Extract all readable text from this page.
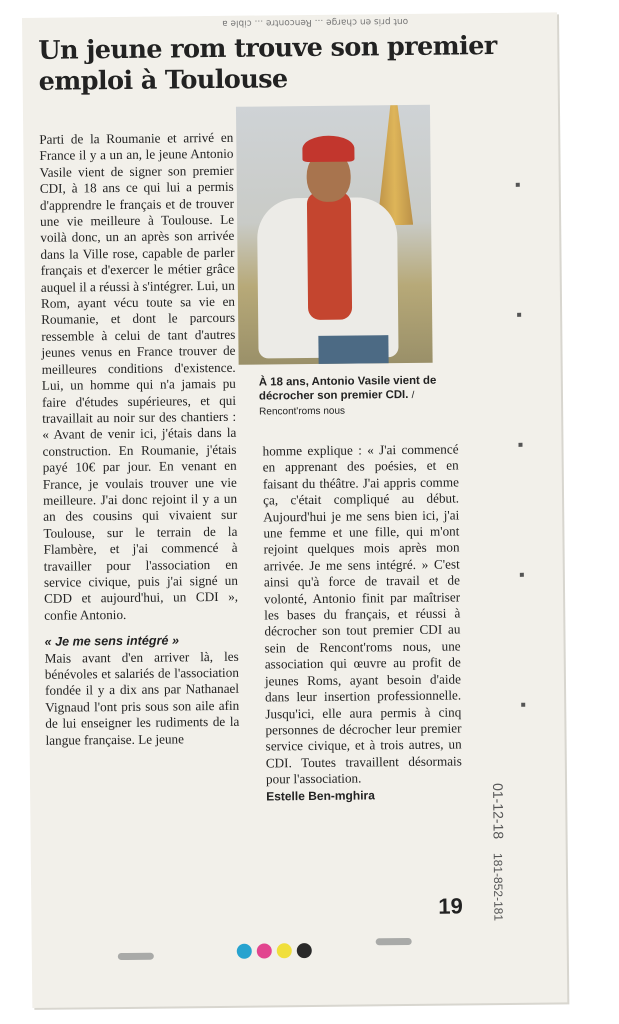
ont pris en charge ... Rencontre ... cible a
Un jeune rom trouve son premier emploi à Toulouse

Parti de la Roumanie et arrivé en France il y a un an, le jeune Antonio Vasile vient de signer son premier CDI, à 18 ans ce qui lui a permis d'apprendre le français et de trouver une vie meilleure à Toulouse. Le voilà donc, un an après son arrivée dans la Ville rose, capable de parler français et d'exercer le métier grâce auquel il a réussi à s'intégrer. Lui, un Rom, ayant vécu toute sa vie en Roumanie, et dont le parcours ressemble à celui de tant d'autres jeunes venus en France trouver de meilleures conditions d'existence. Lui, un homme qui n'a jamais pu faire d'études supérieures, et qui travaillait au noir sur des chantiers : « Avant de venir ici, j'étais dans la construction. En Roumanie, j'étais payé 10€ par jour. En venant en France, je voulais trouver une vie meilleure. J'ai donc rejoint il y a un an des cousins qui vivaient sur Toulouse, sur le terrain de la Flambère, et j'ai commencé à travailler pour l'association en service civique, puis j'ai signé un CDD et aujourd'hui, un CDI », confie Antonio.

« Je me sens intégré »

Mais avant d'en arriver là, les bénévoles et salariés de l'association fondée il y a dix ans par Nathanael Vignaud l'ont pris sous son aile afin de lui enseigner les rudiments de la langue française. Le jeune

À 18 ans, Antonio Vasile vient de décrocher son premier CDI. / Rencont'roms nous

homme explique : « J'ai commencé en apprenant des poésies, et en faisant du théâtre. J'ai appris comme ça, c'était compliqué au début. Aujourd'hui je me sens bien ici, j'ai une femme et une fille, qui m'ont rejoint quelques mois après mon arrivée. Je me sens intégré. » C'est ainsi qu'à force de travail et de volonté, Antonio finit par maîtriser les bases du français, et réussi à décrocher son tout premier CDI au sein de Rencont'roms nous, une association qui œuvre au profit de jeunes Roms, ayant besoin d'aide dans leur insertion professionnelle. Jusqu'ici, elle aura permis à cinq personnes de décrocher leur premier service civique, et à trois autres, un CDI. Toutes travaillent désormais pour l'association.

Estelle Ben-mghira

19
01-12-18 181-852-181
